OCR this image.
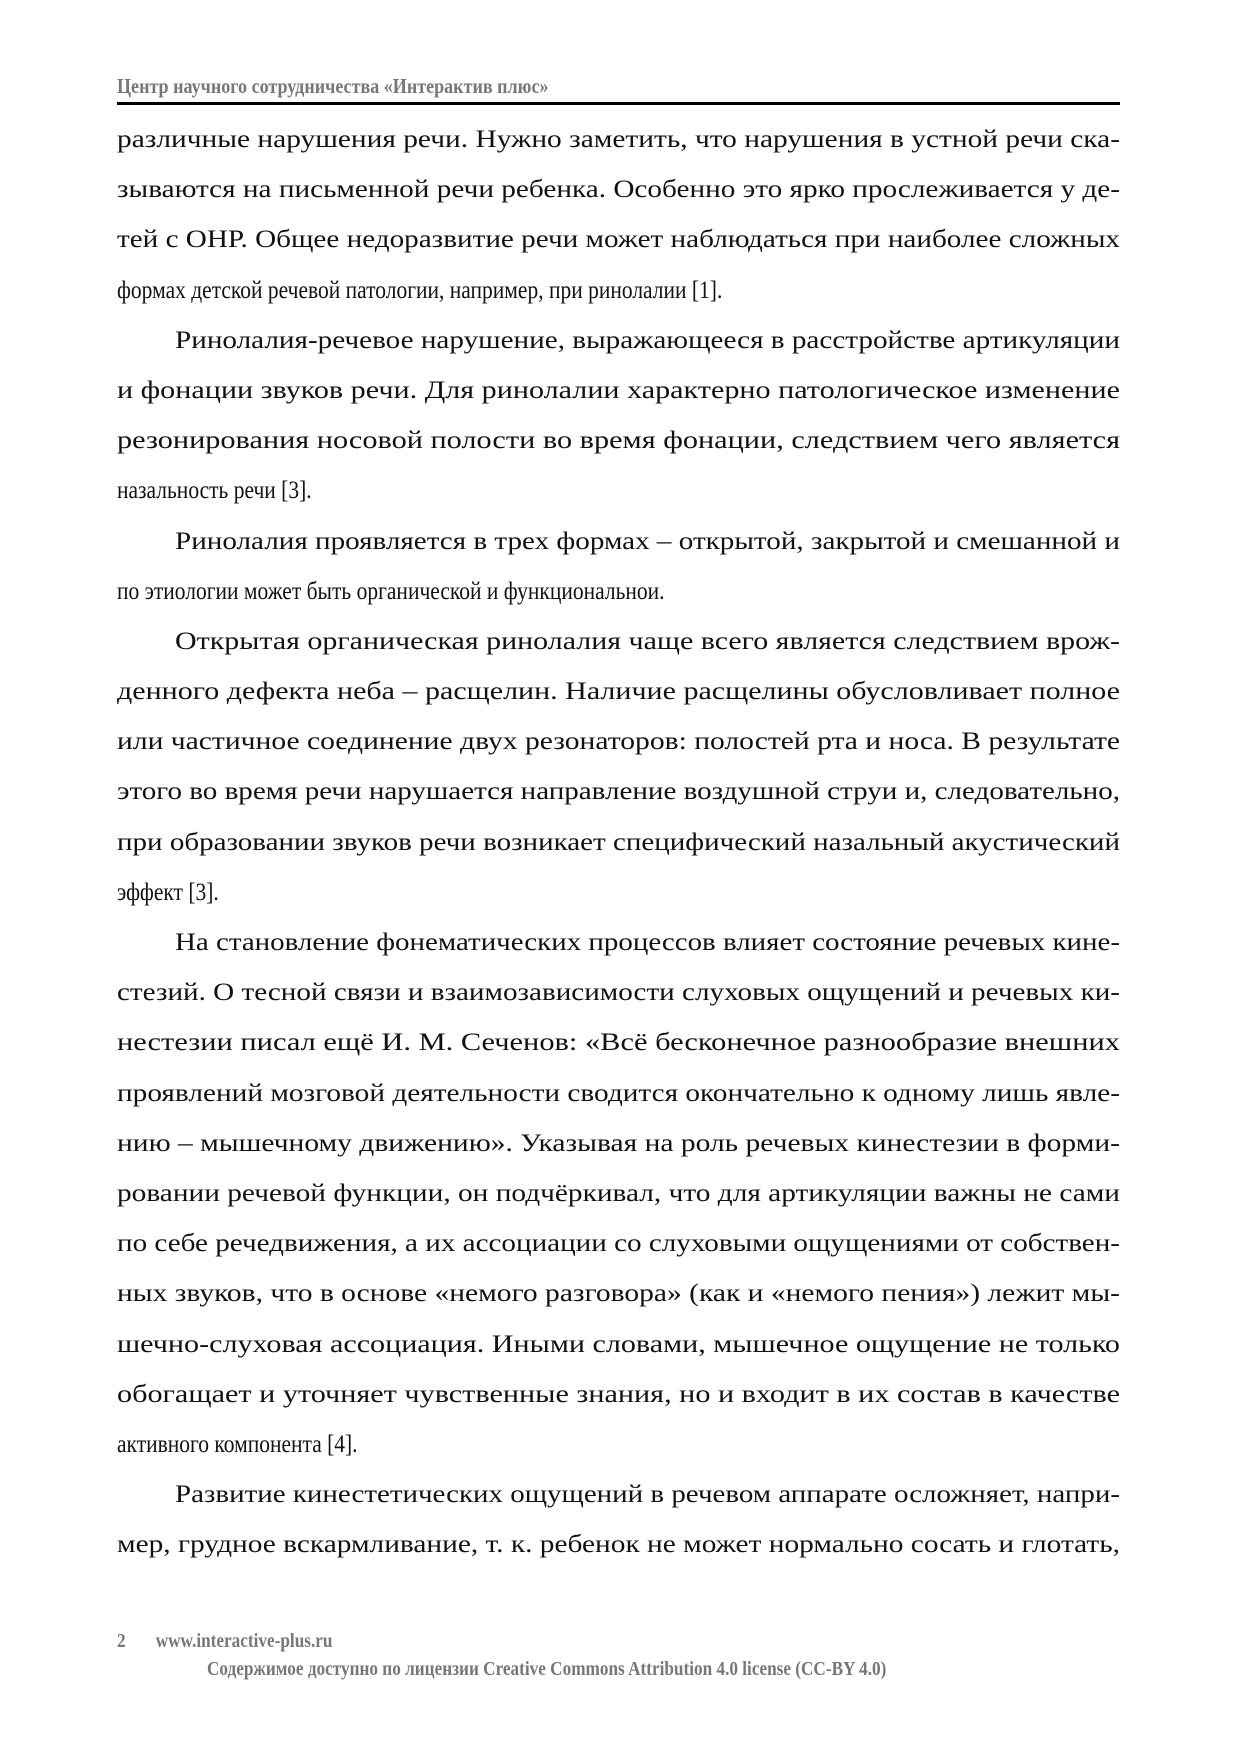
Центр научного сотрудничества «Интерактив плюс»
различные нарушения речи. Нужно заметить, что нарушения в устной речи ска-
зываются на письменной речи ребенка. Особенно это ярко прослеживается у де-
тей с ОНР. Общее недоразвитие речи может наблюдаться при наиболее сложных
формах детской речевой патологии, например, при ринолалии [1].
Ринолалия-речевое нарушение, выражающееся в расстройстве артикуляции
и фонации звуков речи. Для ринолалии характерно патологическое изменение
резонирования носовой полости во время фонации, следствием чего является
назальность речи [3].
Ринолалия проявляется в трех формах – открытой, закрытой и смешанной и
по этиологии может быть органической и функциональнои.
Открытая органическая ринолалия чаще всего является следствием врож-
денного дефекта неба – расщелин. Наличие расщелины обусловливает полное
или частичное соединение двух резонаторов: полостей рта и носа. В результате
этого во время речи нарушается направление воздушной струи и, следовательно,
при образовании звуков речи возникает специфический назальный акустический
эффект [3].
На становление фонематических процессов влияет состояние речевых кине-
стезий. О тесной связи и взаимозависимости слуховых ощущений и речевых ки-
нестезии писал ещё И. М. Сеченов: «Всё бесконечное разнообразие внешних
проявлений мозговой деятельности сводится окончательно к одному лишь явле-
нию – мышечному движению». Указывая на роль речевых кинестезии в форми-
ровании речевой функции, он подчёркивал, что для артикуляции важны не сами
по себе речедвижения, а их ассоциации со слуховыми ощущениями от собствен-
ных звуков, что в основе «немого разговора» (как и «немого пения») лежит мы-
шечно-слуховая ассоциация. Иными словами, мышечное ощущение не только
обогащает и уточняет чувственные знания, но и входит в их состав в качестве
активного компонента [4].
Развитие кинестетических ощущений в речевом аппарате осложняет, напри-
мер, грудное вскармливание, т. к. ребенок не может нормально сосать и глотать,
2 www.interactive-plus.ru
Содержимое доступно по лицензии Creative Commons Attribution 4.0 license (CC-BY 4.0)
